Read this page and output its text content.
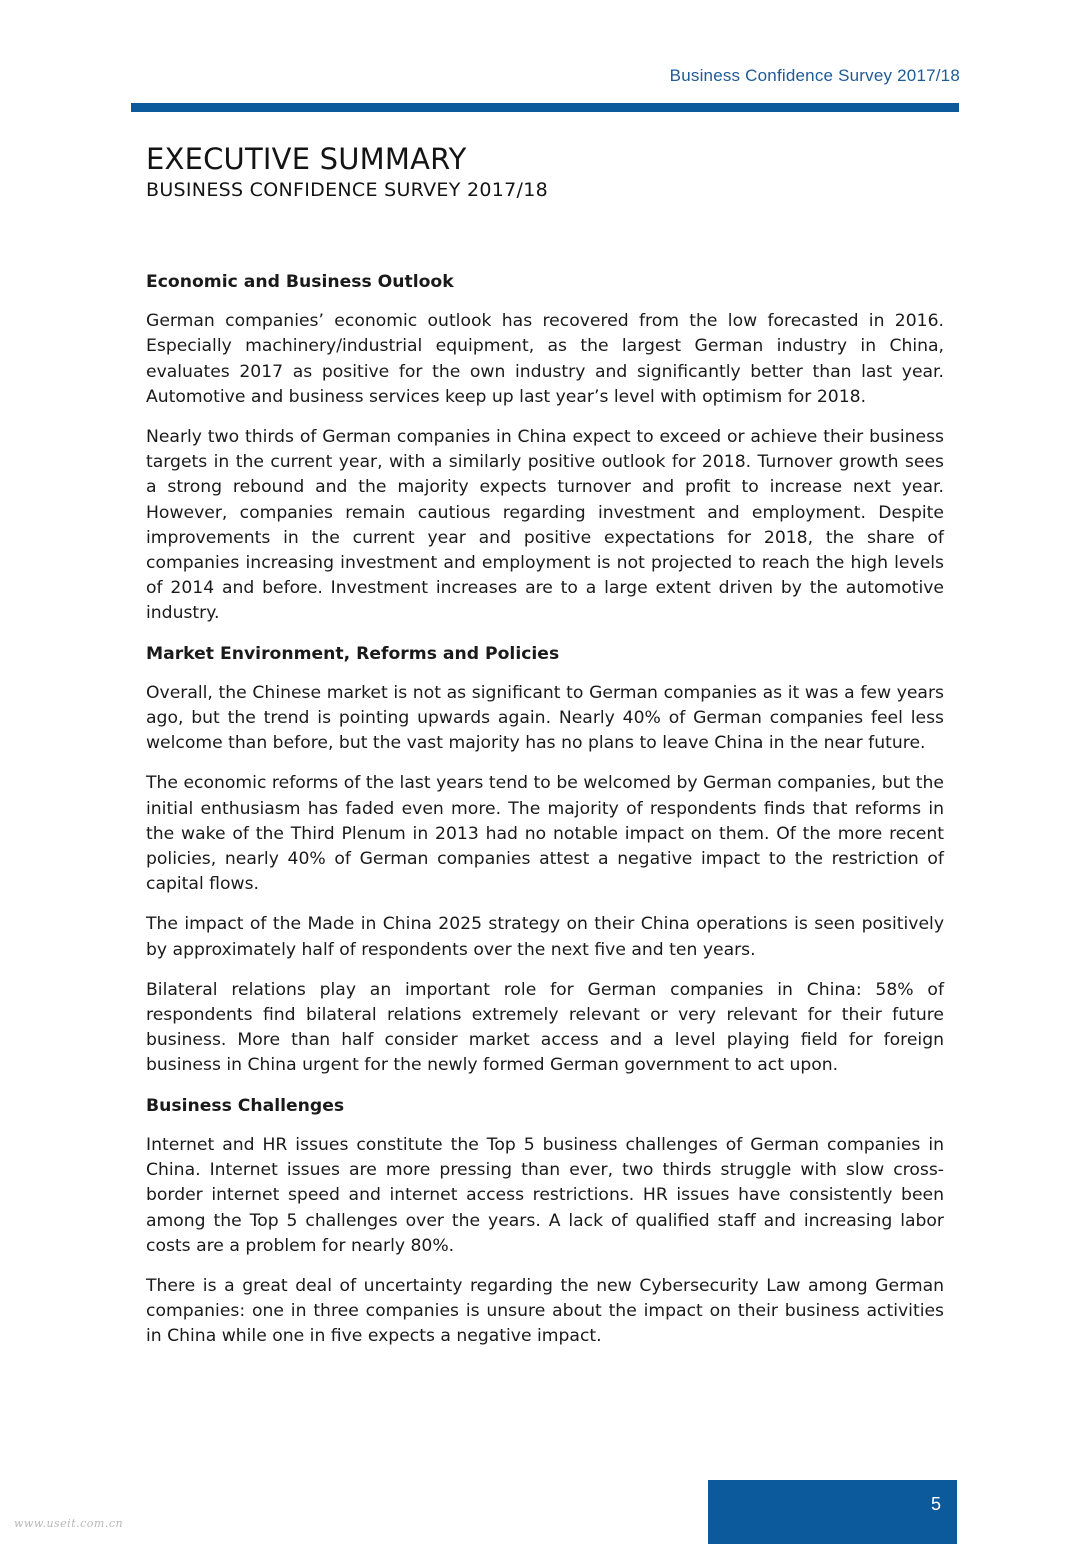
Business Confidence Survey 2017/18
EXECUTIVE SUMMARY
BUSINESS CONFIDENCE SURVEY 2017/18
Economic and Business Outlook

German companies’ economic outlook has recovered from the low forecasted in 2016. Especially machinery/industrial equipment, as the largest German industry in China, evaluates 2017 as positive for the own industry and significantly better than last year. Automotive and business services keep up last year’s level with optimism for 2018.

Nearly two thirds of German companies in China expect to exceed or achieve their business targets in the current year, with a similarly positive outlook for 2018. Turnover growth sees a strong rebound and the majority expects turnover and profit to increase next year. However, companies remain cautious regarding investment and employment. Despite improvements in the current year and positive expectations for 2018, the share of companies increasing investment and employment is not projected to reach the high levels of 2014 and before. Investment increases are to a large extent driven by the automotive industry.

Market Environment, Reforms and Policies

Overall, the Chinese market is not as significant to German companies as it was a few years ago, but the trend is pointing upwards again. Nearly 40% of German companies feel less welcome than before, but the vast majority has no plans to leave China in the near future.

The economic reforms of the last years tend to be welcomed by German companies, but the initial enthusiasm has faded even more. The majority of respondents finds that reforms in the wake of the Third Plenum in 2013 had no notable impact on them. Of the more recent policies, nearly 40% of German companies attest a negative impact to the restriction of capital flows.

The impact of the Made in China 2025 strategy on their China operations is seen positively by approximately half of respondents over the next five and ten years.

Bilateral relations play an important role for German companies in China: 58% of respondents find bilateral relations extremely relevant or very relevant for their future business. More than half consider market access and a level playing field for foreign business in China urgent for the newly formed German government to act upon.

Business Challenges

Internet and HR issues constitute the Top 5 business challenges of German companies in China. Internet issues are more pressing than ever, two thirds struggle with slow cross-border internet speed and internet access restrictions. HR issues have consistently been among the Top 5 challenges over the years. A lack of qualified staff and increasing labor costs are a problem for nearly 80%.

There is a great deal of uncertainty regarding the new Cybersecurity Law among German companies: one in three companies is unsure about the impact on their business activities in China while one in five expects a negative impact.

5
www.useit.com.cn
